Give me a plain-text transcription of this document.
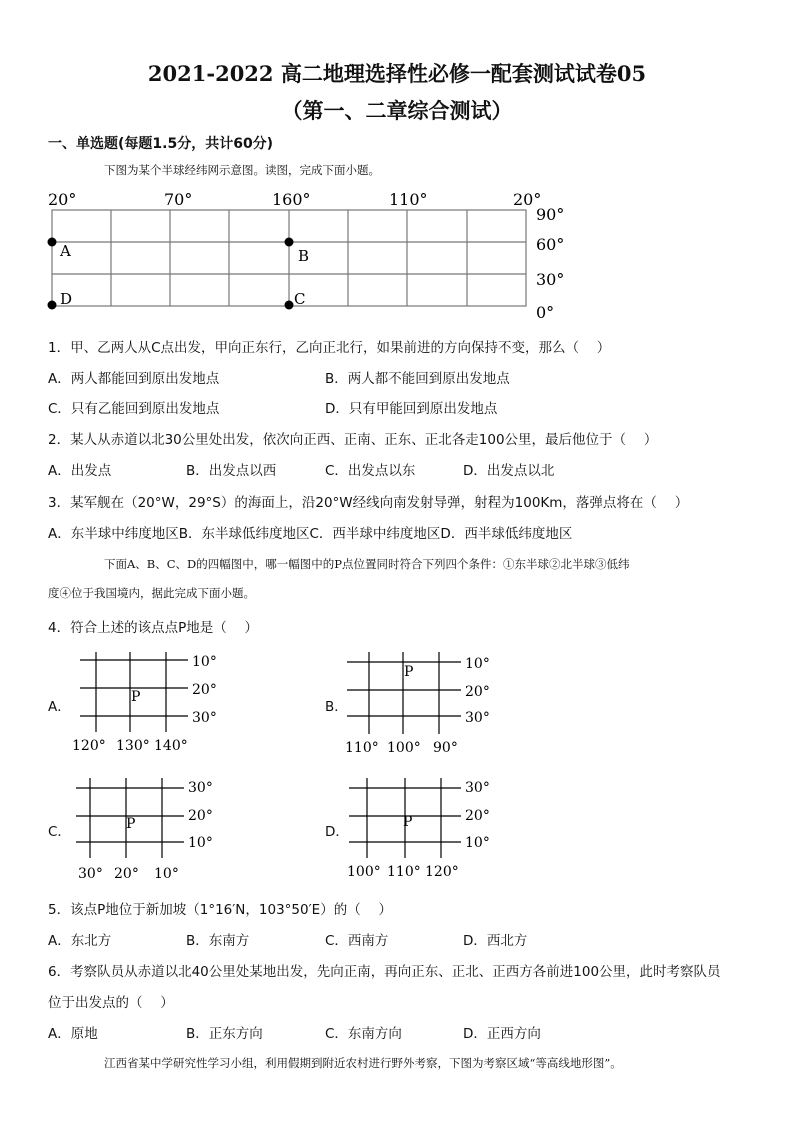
2021-2022 高二地理选择性必修一配套测试试卷05
（第一、二章综合测试）
一、单选题(每题1.5分，共计60分)
下图为某个半球经纬网示意图。读图，完成下面小题。
20°	70°	160°	110°	20°
90°
60°
30°
0°
A	B
D	C
1．甲、乙两人从C点出发，甲向正东行，乙向正北行，如果前进的方向保持不变，那么（　 ）
A．两人都能回到原出发地点	B．两人都不能回到原出发地点
C．只有乙能回到原出发地点	D．只有甲能回到原出发地点
2．某人从赤道以北30公里处出发，依次向正西、正南、正东、正北各走100公里，最后他位于（　 ）
A．出发点	B．出发点以西	C．出发点以东	D．出发点以北
3．某军舰在（20°W，29°S）的海面上，沿20°W经线向南发射导弹，射程为100Km，落弹点将在（　 ）
A．东半球中纬度地区B．东半球低纬度地区C．西半球中纬度地区D．西半球低纬度地区
下面A、B、C、D的四幅图中，哪一幅图中的P点位置同时符合下列四个条件：①东半球②北半球③低纬
度④位于我国境内，据此完成下面小题。
4．符合上述的该点点P地是（　 ）
A．
10°
20°
30°
120° 130° 140°
P
B．
10°
20°
30°
110° 100° 90°
P
C．
30°
20°
10°
30° 20° 10°
P	D．
30°
20°
10°
100° 110° 120°
P
5．该点P地位于新加坡（1°16′N，103°50′E）的（　 ）
A．东北方	B．东南方	C．西南方	D．西北方
6．考察队员从赤道以北40公里处某地出发，先向正南，再向正东、正北、正西方各前进100公里，此时考察队员
位于出发点的（　 ）
A．原地	B．正东方向	C．东南方向	D．正西方向
江西省某中学研究性学习小组，利用假期到附近农村进行野外考察，下图为考察区域“等高线地形图”。
